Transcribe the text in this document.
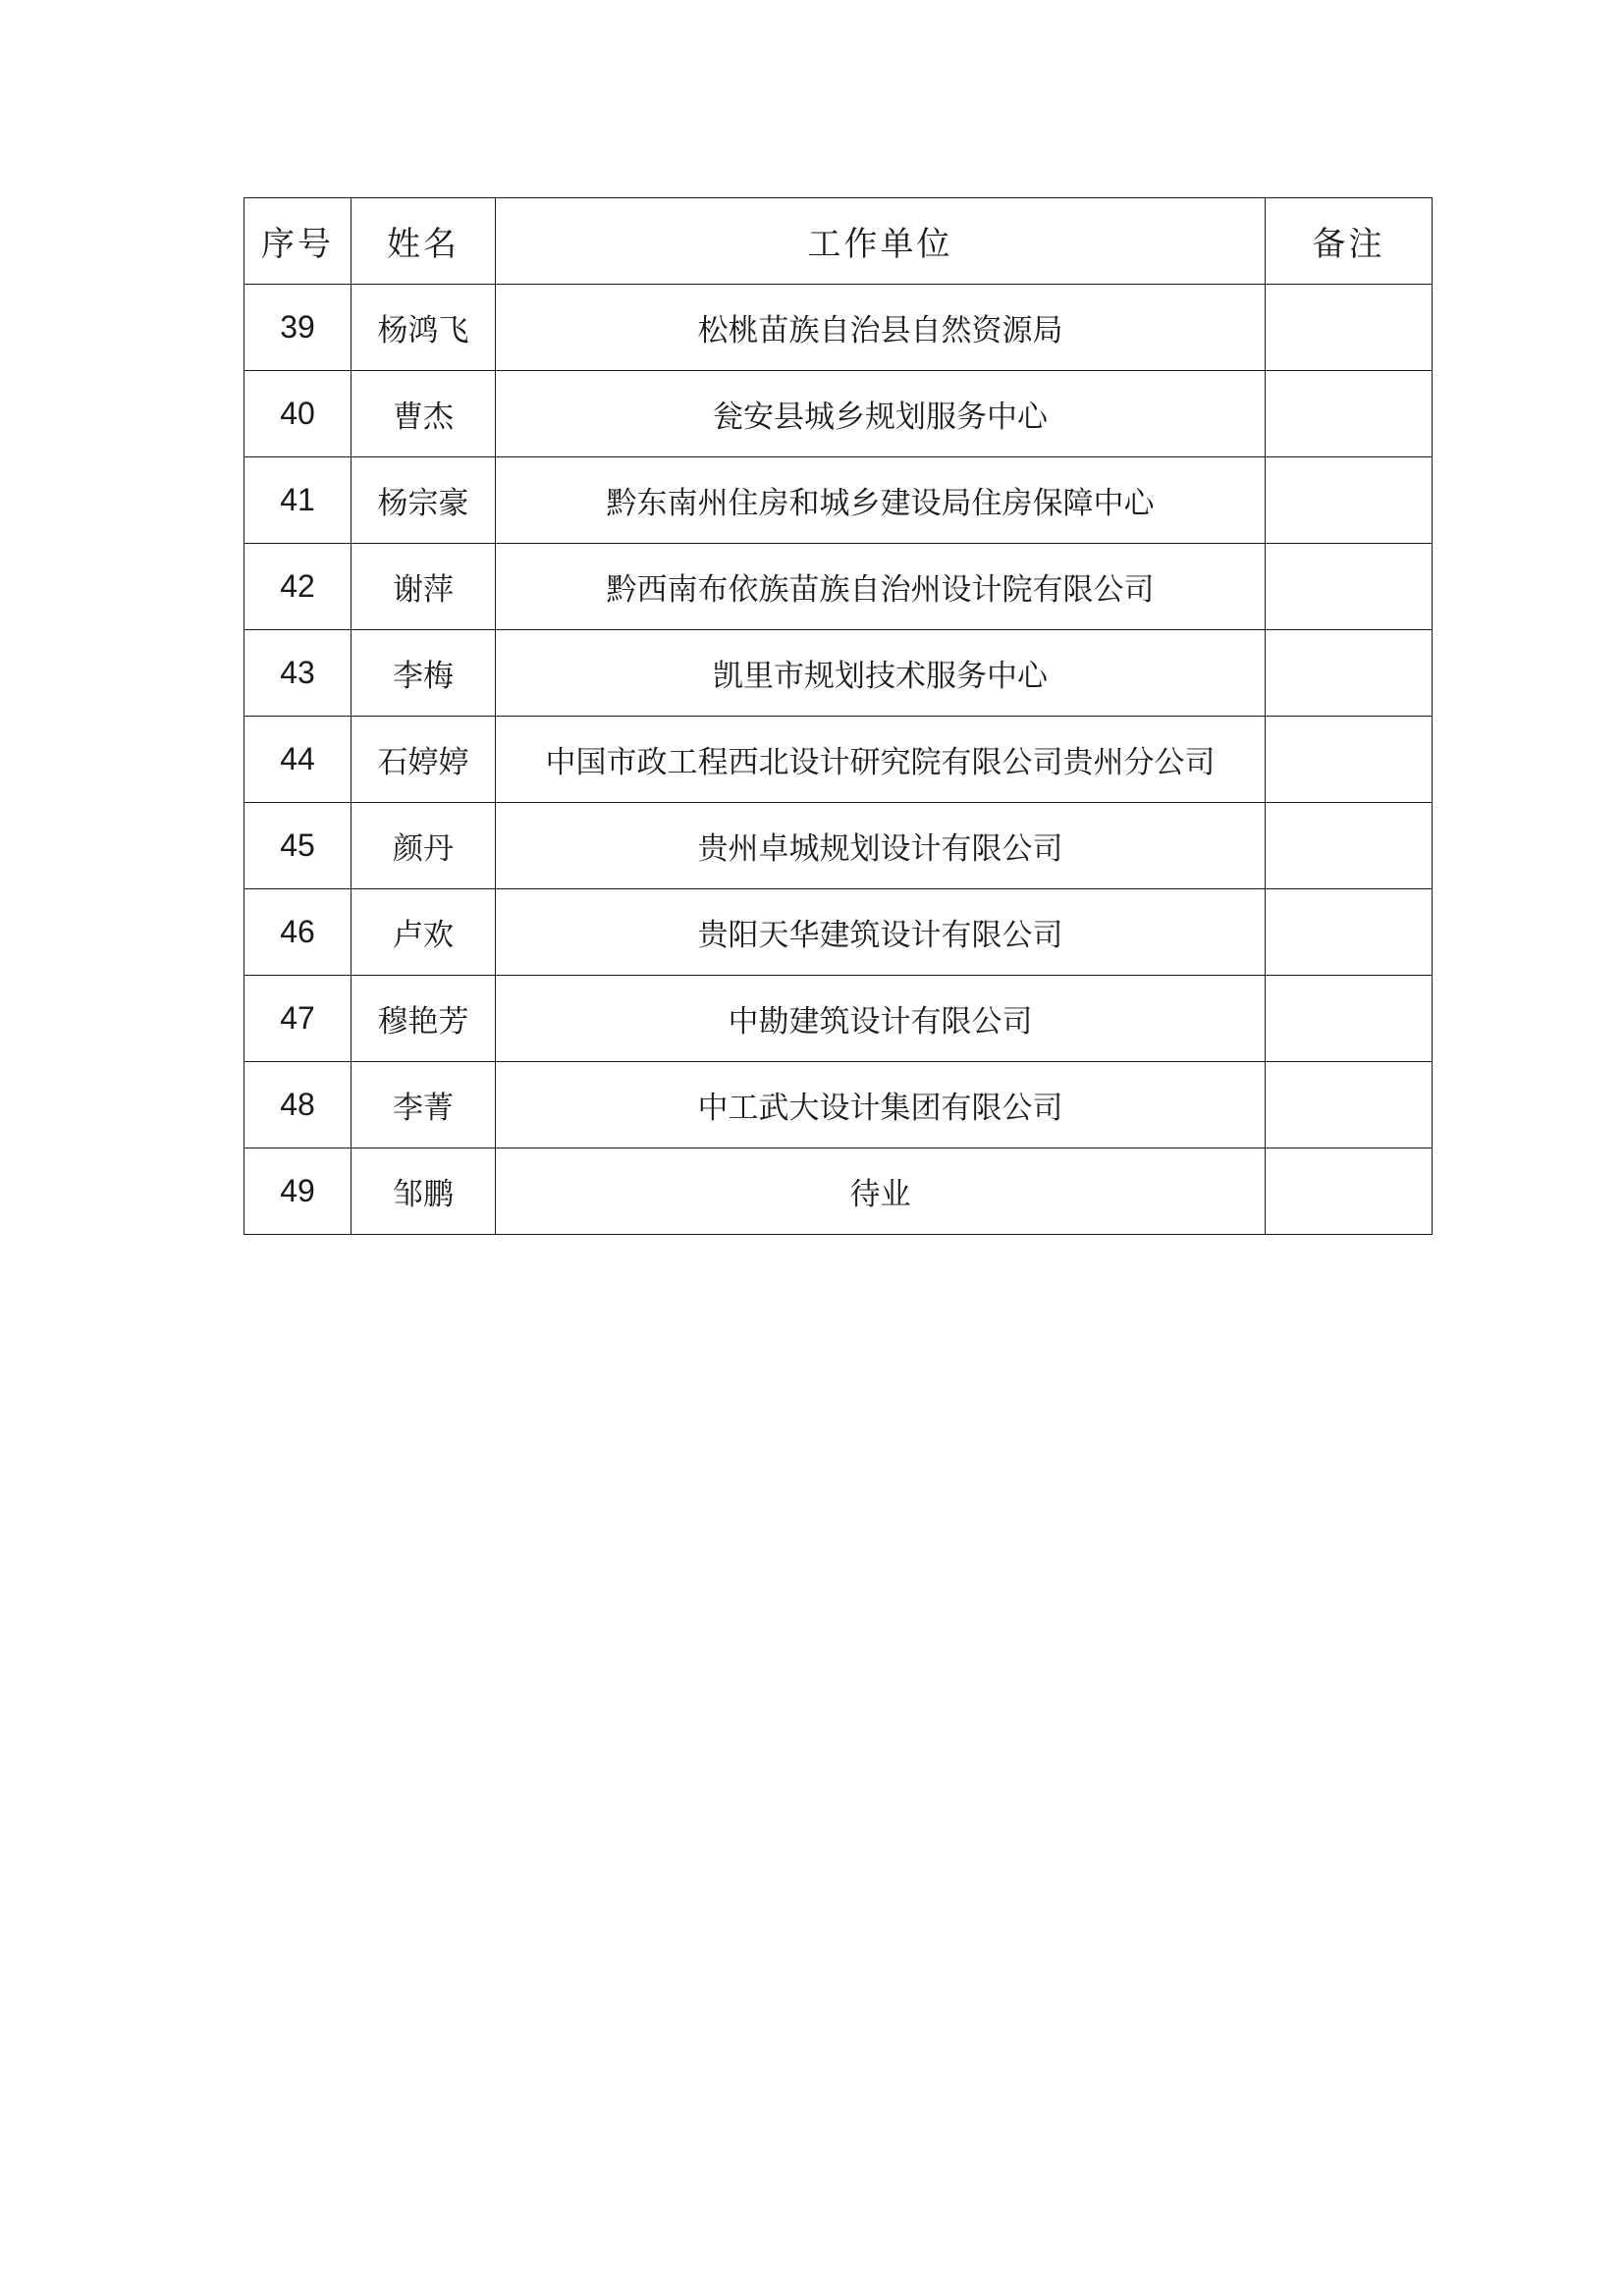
序号	姓名	工作单位	备注
39	杨鸿飞	松桃苗族自治县自然资源局	
40	曹杰	瓮安县城乡规划服务中心	
41	杨宗豪	黔东南州住房和城乡建设局住房保障中心	
42	谢萍	黔西南布依族苗族自治州设计院有限公司	
43	李梅	凯里市规划技术服务中心	
44	石婷婷	中国市政工程西北设计研究院有限公司贵州分公司	
45	颜丹	贵州卓城规划设计有限公司	
46	卢欢	贵阳天华建筑设计有限公司	
47	穆艳芳	中勘建筑设计有限公司	
48	李菁	中工武大设计集团有限公司	
49	邹鹏	待业	
